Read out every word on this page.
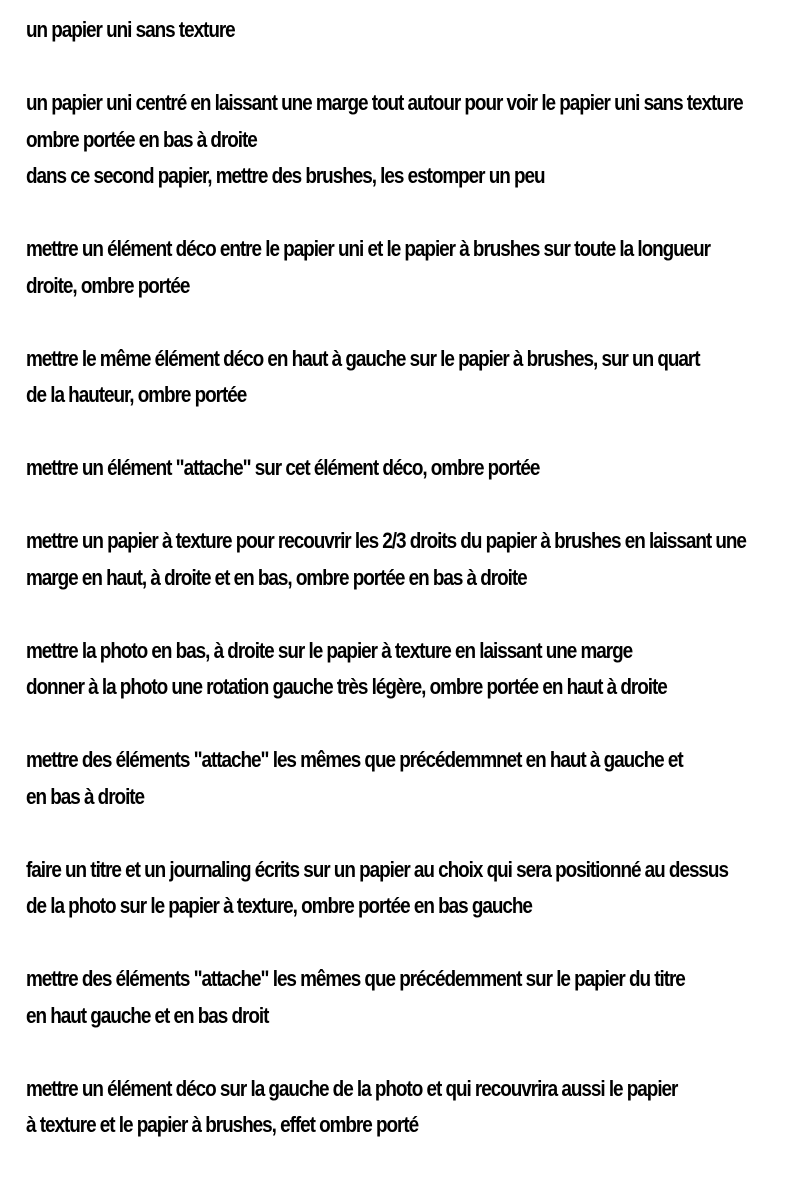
un papier uni sans texture

un papier uni centré en laissant une marge tout autour pour voir le papier uni sans texture

ombre portée en bas à droite

dans ce second papier, mettre des brushes, les estomper un peu

mettre un élément déco entre le papier uni et le papier à brushes sur toute la longueur

droite, ombre portée

mettre le même élément déco en haut à gauche sur le papier à brushes, sur un quart

de la hauteur, ombre portée

mettre un élément "attache" sur cet élément déco, ombre portée

mettre un papier à texture pour recouvrir les 2/3 droits du papier à brushes en laissant une

marge en haut, à droite et en bas, ombre portée en bas à droite

mettre la photo en bas, à droite sur le papier à texture en laissant une marge

donner à la photo une rotation gauche très légère, ombre portée en haut à droite

mettre des éléments "attache" les mêmes que précédemmnet en haut à gauche et

en bas à droite

faire un titre et un journaling écrits sur un papier au choix qui sera positionné au dessus

de la photo sur le papier à texture, ombre portée en bas gauche

mettre des éléments "attache" les mêmes que précédemment sur le papier du titre

en haut gauche et en bas droit

mettre un élément déco sur la gauche de la photo et qui recouvrira aussi le papier

à texture et le papier à brushes, effet ombre porté
